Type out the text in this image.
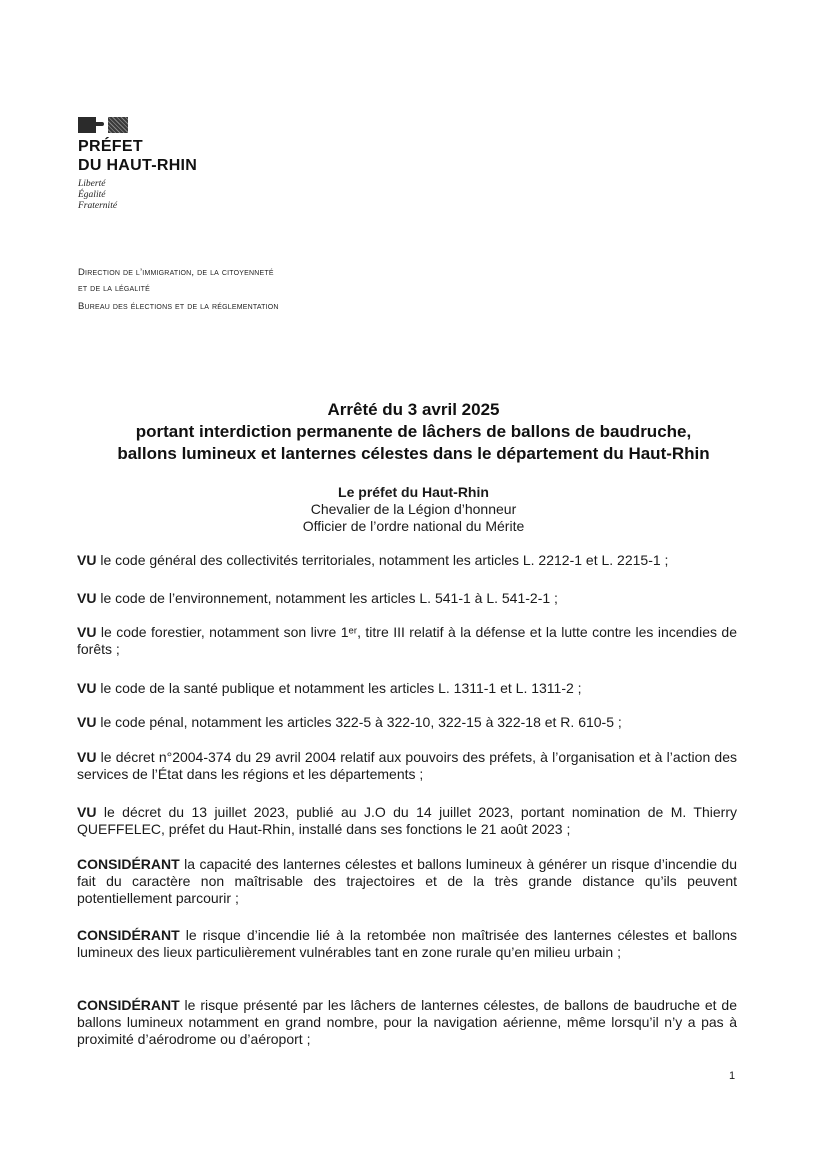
PRÉFET
DU HAUT-RHIN
Liberté
Égalité
Fraternité
Direction de l’immigration, de la citoyenneté
et de la légalité
Bureau des élections et de la réglementation
Arrêté du 3 avril 2025
portant interdiction permanente de lâchers de ballons de baudruche,
ballons lumineux et lanternes célestes dans le département du Haut-Rhin
Le préfet du Haut-Rhin
Chevalier de la Légion d’honneur
Officier de l’ordre national du Mérite
VU le code général des collectivités territoriales, notamment les articles L. 2212-1 et L. 2215-1 ;
VU le code de l’environnement, notamment les articles L. 541-1 à L. 541-2-1 ;
VU le code forestier, notamment son livre 1ᵉʳ, titre III relatif à la défense et la lutte contre les incendies de forêts ;
VU le code de la santé publique et notamment les articles L. 1311-1 et L. 1311-2 ;
VU le code pénal, notamment les articles 322-5 à 322-10, 322-15 à 322-18 et R. 610-5 ;
VU le décret n°2004-374 du 29 avril 2004 relatif aux pouvoirs des préfets, à l’organisation et à l’action des services de l’État dans les régions et les départements ;
VU le décret du 13 juillet 2023, publié au J.O du 14 juillet 2023, portant nomination de M. Thierry QUEFFELEC, préfet du Haut-Rhin, installé dans ses fonctions le 21 août 2023 ;
CONSIDÉRANT la capacité des lanternes célestes et ballons lumineux à générer un risque d’incendie du fait du caractère non maîtrisable des trajectoires et de la très grande distance qu’ils peuvent potentiellement parcourir ;
CONSIDÉRANT le risque d’incendie lié à la retombée non maîtrisée des lanternes célestes et ballons lumineux des lieux particulièrement vulnérables tant en zone rurale qu’en milieu urbain ;
CONSIDÉRANT le risque présenté par les lâchers de lanternes célestes, de ballons de baudruche et de ballons lumineux notamment en grand nombre, pour la navigation aérienne, même lorsqu’il n’y a pas à proximité d’aérodrome ou d’aéroport ;
1
